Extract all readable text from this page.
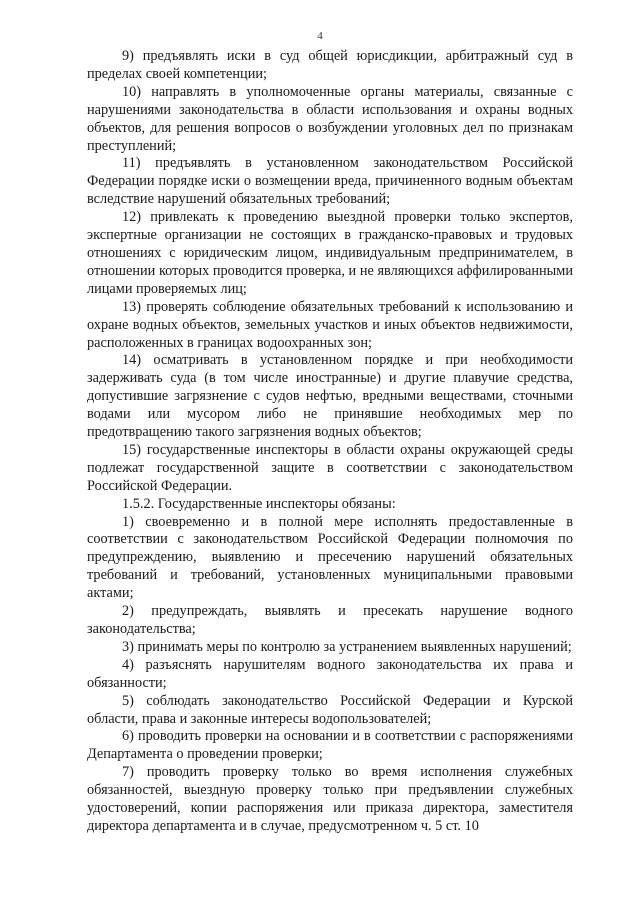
4

9) предъявлять иски в суд общей юрисдикции, арбитражный суд в пределах своей компетенции;

10) направлять в уполномоченные органы материалы, связанные с нарушениями законодательства в области использования и охраны водных объектов, для решения вопросов о возбуждении уголовных дел по признакам преступлений;

11) предъявлять в установленном законодательством Российской Федерации порядке иски о возмещении вреда, причиненного водным объектам вследствие нарушений обязательных требований;

12) привлекать к проведению выездной проверки только экспертов, экспертные организации не состоящих в гражданско-правовых и трудовых отношениях с юридическим лицом, индивидуальным предпринимателем, в отношении которых проводится проверка, и не являющихся аффилированными лицами проверяемых лиц;

13) проверять соблюдение обязательных требований к использованию и охране водных объектов, земельных участков и иных объектов недвижимости, расположенных в границах водоохранных зон;

14) осматривать в установленном порядке и при необходимости задерживать суда (в том числе иностранные) и другие плавучие средства, допустившие загрязнение с судов нефтью, вредными веществами, сточными водами или мусором либо не принявшие необходимых мер по предотвращению такого загрязнения водных объектов;

15) государственные инспекторы в области охраны окружающей среды подлежат государственной защите в соответствии с законодательством Российской Федерации.

1.5.2. Государственные инспекторы обязаны:

1) своевременно и в полной мере исполнять предоставленные в соответствии с законодательством Российской Федерации полномочия по предупреждению, выявлению и пресечению нарушений обязательных требований и требований, установленных муниципальными правовыми актами;

2) предупреждать, выявлять и пресекать нарушение водного законодательства;

3) принимать меры по контролю за устранением выявленных нарушений;

4) разъяснять нарушителям водного законодательства их права и обязанности;

5) соблюдать законодательство Российской Федерации и Курской области, права и законные интересы водопользователей;

6) проводить проверки на основании и в соответствии с распоряжениями Департамента о проведении проверки;

7) проводить проверку только во время исполнения служебных обязанностей, выездную проверку только при предъявлении служебных удостоверений, копии распоряжения или приказа директора, заместителя директора департамента и в случае, предусмотренном ч. 5 ст. 10
